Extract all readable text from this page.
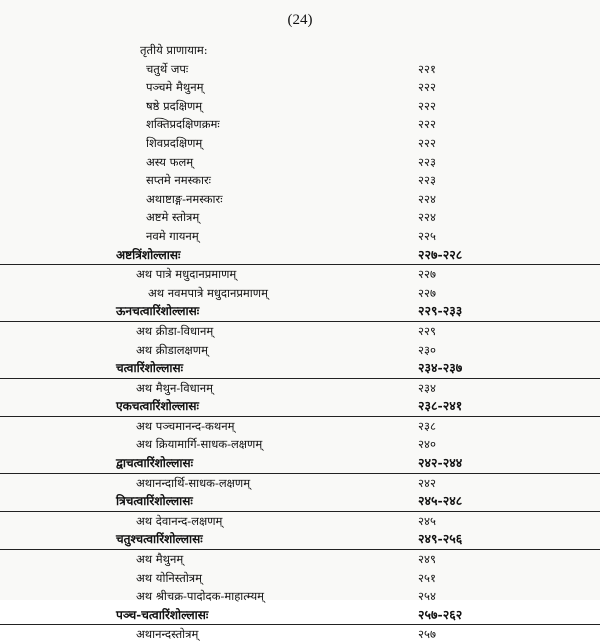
(24)
तृतीये प्राणायाम:
चतुर्थे जपः	२२१
पञ्चमे मैथुनम्	२२२
षष्ठे प्रदक्षिणम्	२२२
शक्तिप्रदक्षिणक्रमः	२२२
शिवप्रदक्षिणम्	२२२
अस्य फलम्	२२३
सप्तमे नमस्कारः	२२३
अथाष्टाङ्ग-नमस्कारः	२२४
अष्टमे स्तोत्रम्	२२४
नवमे गायनम्	२२५
अष्टत्रिंशोल्लासः	२२७-२२८
अथ पात्रे मधुदानप्रमाणम्	२२७
अथ नवमपात्रे मधुदानप्रमाणम्	२२७
ऊनचत्वारिंशोल्लासः	२२९-२३३
अथ क्रीडा-विधानम्	२२९
अथ क्रीडालक्षणम्	२३०
चत्वारिंशोल्लासः	२३४-२३७
अथ मैथुन-विधानम्	२३४
एकचत्वारिंशोल्लासः	२३८-२४१
अथ पञ्चमानन्द-कथनम्	२३८
अथ क्रियामार्गि-साधक-लक्षणम्	२४०
द्वाचत्वारिंशोल्लासः	२४२-२४४
अथानन्दार्थि-साधक-लक्षणम्	२४२
त्रिचत्वारिंशोल्लासः	२४५-२४८
अथ देवानन्द-लक्षणम्	२४५
चतुश्चत्वारिंशोल्लासः	२४९-२५६
अथ मैथुनम्	२४९
अथ योनिस्तोत्रम्	२५१
अथ श्रीचक्र-पादोदक-माहात्म्यम्	२५४
पञ्च-चत्वारिंशोल्लासः	२५७-२६२
अथानन्दस्तोत्रम्	२५७
